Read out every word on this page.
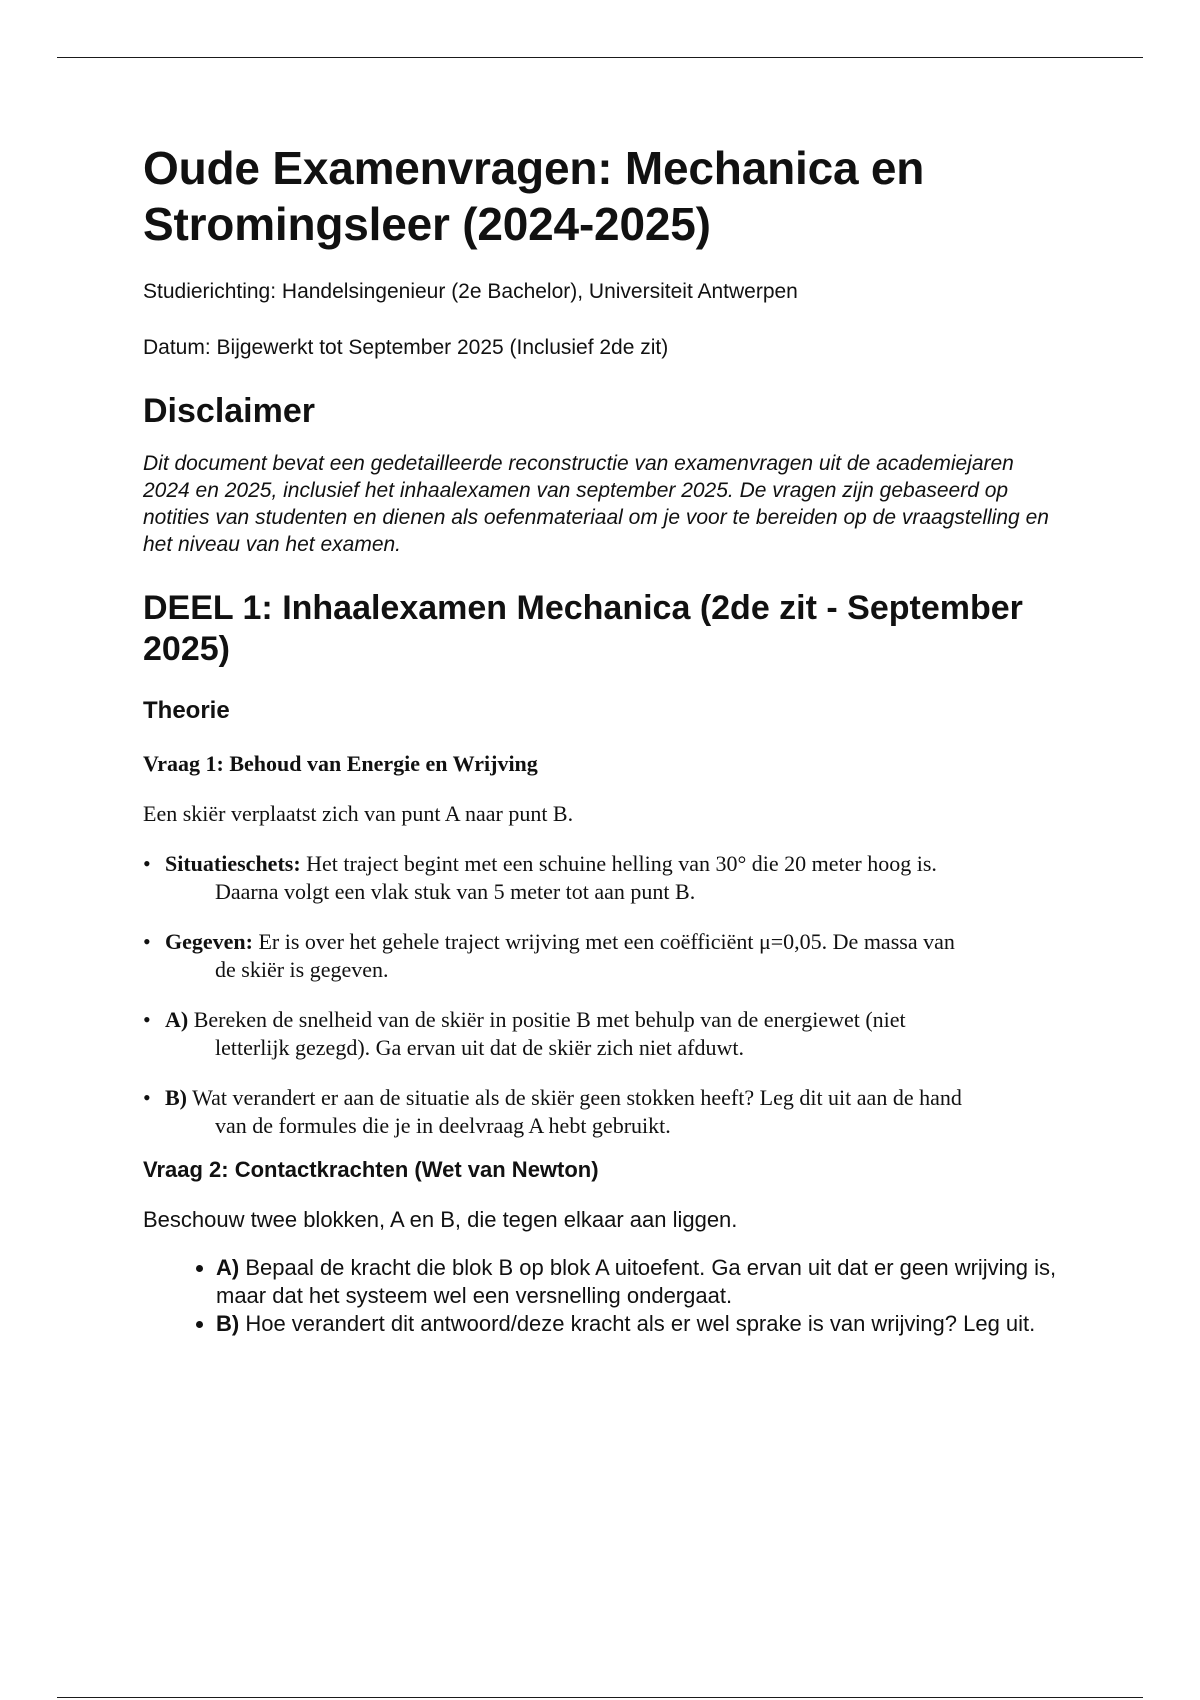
Oude Examenvragen: Mechanica en Stromingsleer (2024-2025)

Studierichting: Handelsingenieur (2e Bachelor), Universiteit Antwerpen

Datum: Bijgewerkt tot September 2025 (Inclusief 2de zit)

Disclaimer

Dit document bevat een gedetailleerde reconstructie van examenvragen uit de academiejaren 2024 en 2025, inclusief het inhaalexamen van september 2025. De vragen zijn gebaseerd op notities van studenten en dienen als oefenmateriaal om je voor te bereiden op de vraagstelling en het niveau van het examen.

DEEL 1: Inhaalexamen Mechanica (2de zit - September 2025)
Theorie

Vraag 1: Behoud van Energie en Wrijving

Een skiër verplaatst zich van punt A naar punt B.

• Situatieschets: Het traject begint met een schuine helling van 30° die 20 meter hoog is.
Daarna volgt een vlak stuk van 5 meter tot aan punt B.
• Gegeven: Er is over het gehele traject wrijving met een coëfficiënt μ=0,05. De massa van
de skiër is gegeven.
• A) Bereken de snelheid van de skiër in positie B met behulp van de energiewet (niet
letterlijk gezegd). Ga ervan uit dat de skiër zich niet afduwt.
• B) Wat verandert er aan de situatie als de skiër geen stokken heeft? Leg dit uit aan de hand
van de formules die je in deelvraag A hebt gebruikt.

Vraag 2: Contactkrachten (Wet van Newton)

Beschouw twee blokken, A en B, die tegen elkaar aan liggen.

• A) Bepaal de kracht die blok B op blok A uitoefent. Ga ervan uit dat er geen wrijving is, maar dat het systeem wel een versnelling ondergaat.
• B) Hoe verandert dit antwoord/deze kracht als er wel sprake is van wrijving? Leg uit.
